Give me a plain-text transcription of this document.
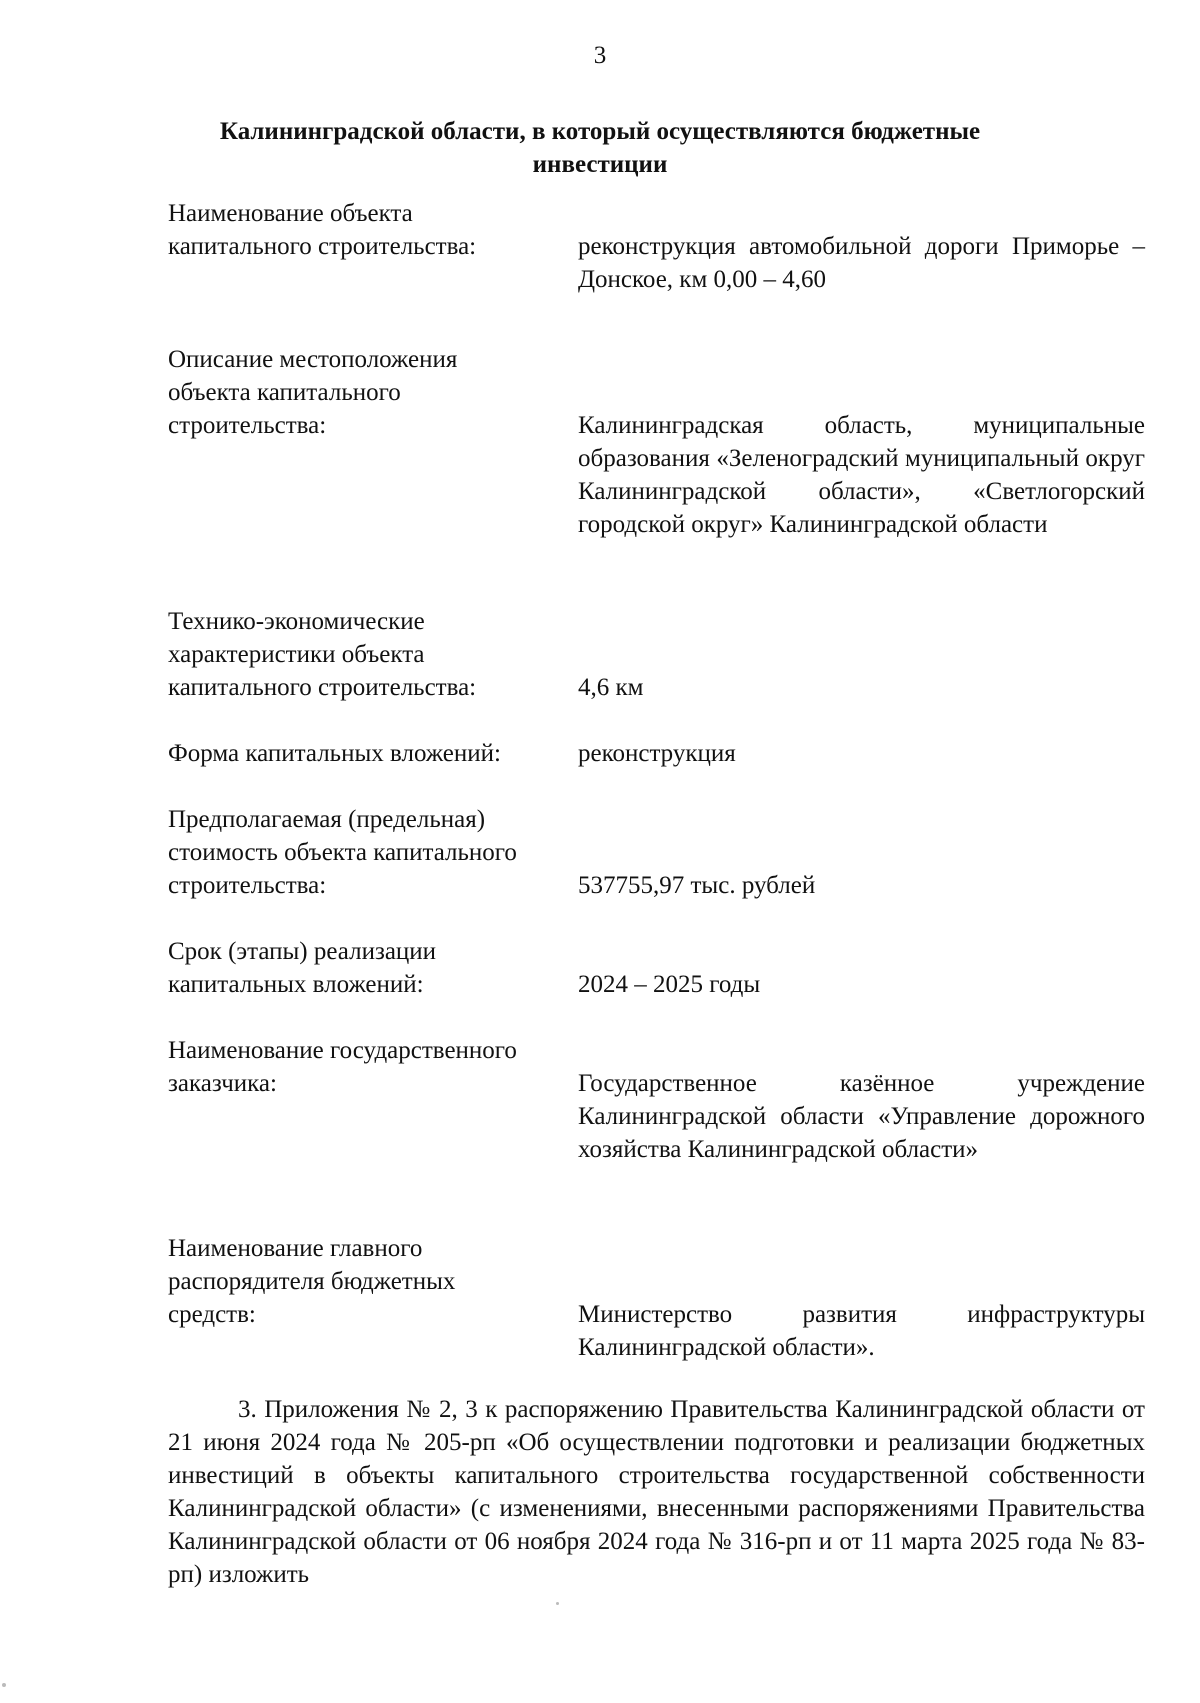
3
Калининградской области, в который осуществляются бюджетные инвестиции
Наименование объекта капитального строительства:	реконструкция автомобильной дороги Приморье – Донское, км 0,00 – 4,60
Описание местоположения объекта капитального строительства:	Калининградская область, муниципальные образования «Зеленоградский муниципальный округ Калининградской области», «Светлогорский городской округ» Калининградской области
Технико-экономические характеристики объекта капитального строительства:	4,6 км
Форма капитальных вложений:	реконструкция
Предполагаемая (предельная) стоимость объекта капитального строительства:	537755,97 тыс. рублей
Срок (этапы) реализации капитальных вложений:	2024 – 2025 годы
Наименование государственного заказчика:	Государственное казённое учреждение Калининградской области «Управление дорожного хозяйства Калининградской области»
Наименование главного распорядителя бюджетных средств:	Министерство развития инфраструктуры Калининградской области».
3. Приложения № 2, 3 к распоряжению Правительства Калининградской области от 21 июня 2024 года № 205-рп «Об осуществлении подготовки и реализации бюджетных инвестиций в объекты капитального строительства государственной собственности Калининградской области» (с изменениями, внесенными распоряжениями Правительства Калининградской области от 06 ноября 2024 года № 316-рп и от 11 марта 2025 года № 83-рп) изложить
